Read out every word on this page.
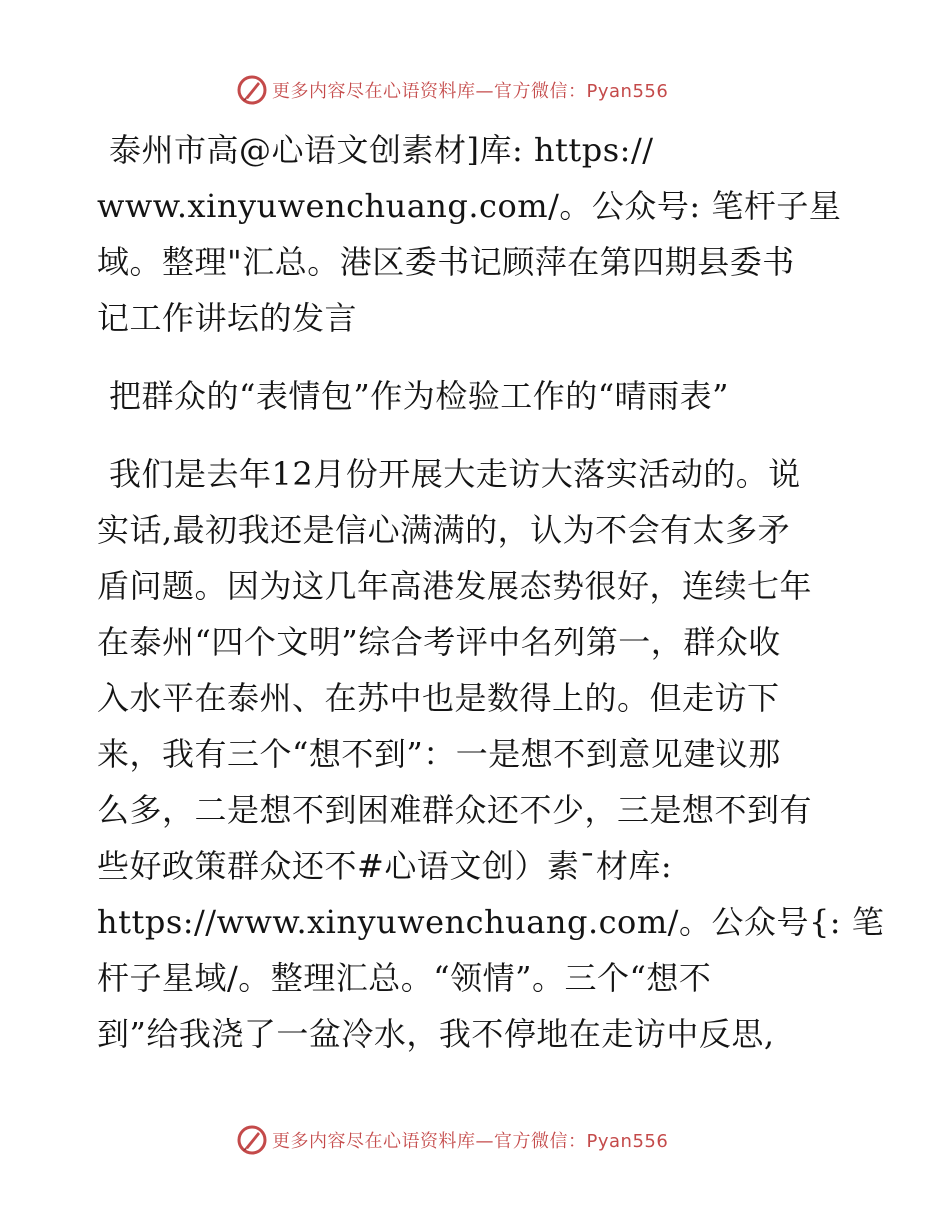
更多内容尽在心语资料库—官方微信：Pyan556
泰州市高@心语文创素材]库: https://
www.xinyuwenchuang.com/。公众号: 笔杆子星
域。整理"汇总。港区委书记顾萍在第四期县委书
记工作讲坛的发言
把群众的“表情包”作为检验工作的“晴雨表”
我们是去年12月份开展大走访大落实活动的。说
实话,最初我还是信心满满的，认为不会有太多矛
盾问题。因为这几年高港发展态势很好，连续七年
在泰州“四个文明”综合考评中名列第一，群众收
入水平在泰州、在苏中也是数得上的。但走访下
来，我有三个“想不到”：一是想不到意见建议那
么多，二是想不到困难群众还不少，三是想不到有
些好政策群众还不#心语文创）素¯材库:
https://www.xinyuwenchuang.com/。公众号{: 笔
杆子星域/。整理汇总。“领情”。三个“想不
到”给我浇了一盆冷水，我不停地在走访中反思,
更多内容尽在心语资料库—官方微信：Pyan556
